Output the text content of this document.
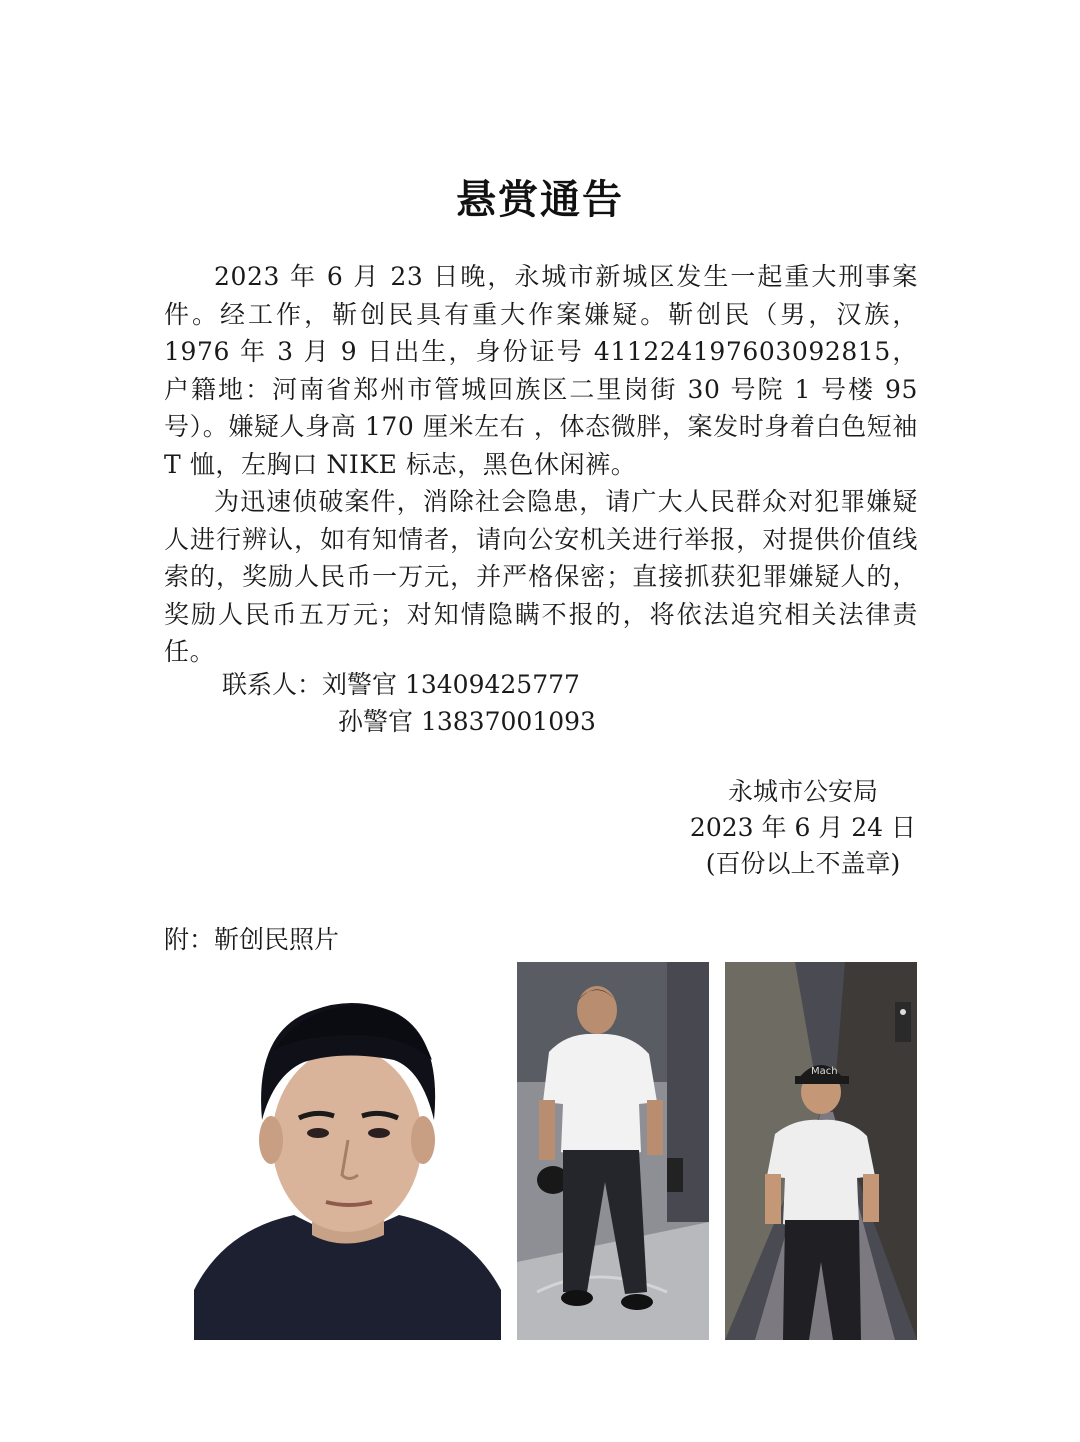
悬赏通告

2023 年 6 月 23 日晚，永城市新城区发生一起重大刑事案件。经工作，靳创民具有重大作案嫌疑。靳创民（男，汉族，1976 年 3 月 9 日出生，身份证号 411224197603092815，户籍地：河南省郑州市管城回族区二里岗街 30 号院 1 号楼 95 号）。嫌疑人身高 170 厘米左右 ，体态微胖，案发时身着白色短袖 T 恤，左胸口 NIKE 标志，黑色休闲裤。

为迅速侦破案件，消除社会隐患，请广大人民群众对犯罪嫌疑人进行辨认，如有知情者，请向公安机关进行举报，对提供价值线索的，奖励人民币一万元，并严格保密；直接抓获犯罪嫌疑人的，奖励人民币五万元；对知情隐瞒不报的，将依法追究相关法律责任。

联系人：刘警官 13409425777
孙警官 13837001093
永城市公安局
2023 年 6 月 24 日
(百份以上不盖章)
附：靳创民照片
Mach
